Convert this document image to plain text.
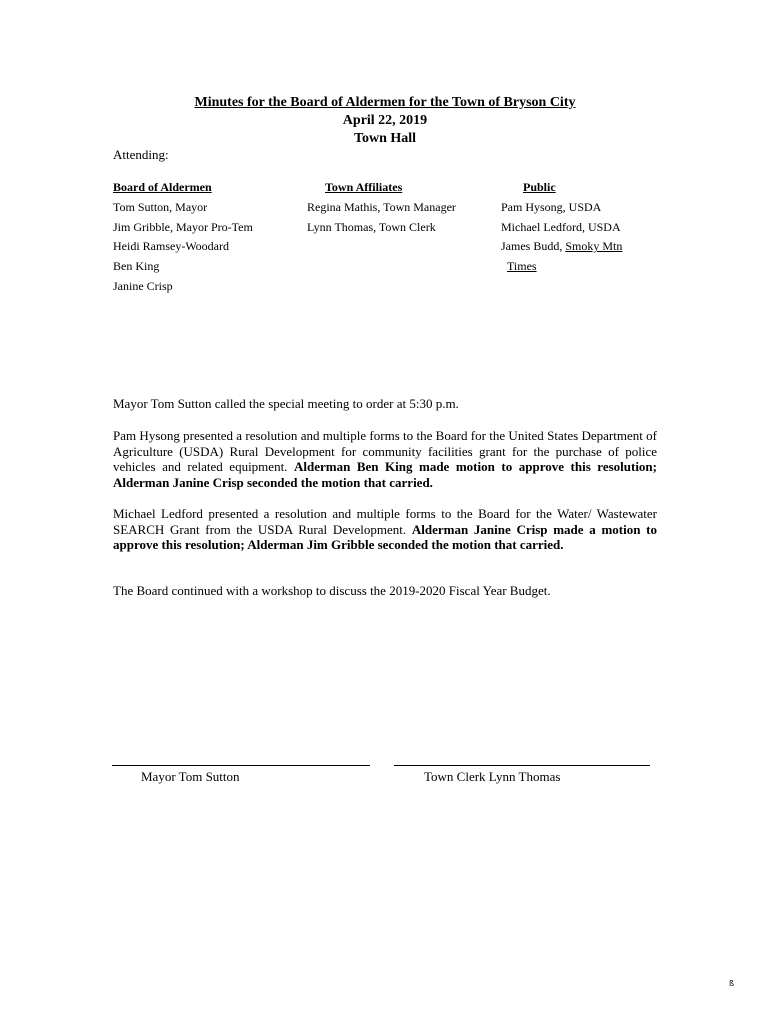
Minutes for the Board of Aldermen for the Town of Bryson City
April 22, 2019
Town Hall
Attending:
Board of Aldermen
Tom Sutton, Mayor
Jim Gribble, Mayor Pro-Tem
Heidi Ramsey-Woodard
Ben King
Janine Crisp
Town Affiliates
Regina Mathis, Town Manager
Lynn Thomas, Town Clerk
Public
Pam Hysong, USDA
Michael Ledford, USDA
James Budd, Smoky Mtn
Times
Mayor Tom Sutton called the special meeting to order at 5:30 p.m.
Pam Hysong presented a resolution and multiple forms to the Board for the United States Department of Agriculture (USDA) Rural Development for community facilities grant for the purchase of police vehicles and related equipment. Alderman Ben King made motion to approve this resolution; Alderman Janine Crisp seconded the motion that carried.
Michael Ledford presented a resolution and multiple forms to the Board for the Water/ Wastewater SEARCH Grant from the USDA Rural Development. Alderman Janine Crisp made a motion to approve this resolution; Alderman Jim Gribble seconded the motion that carried.
The Board continued with a workshop to discuss the 2019-2020 Fiscal Year Budget.
Mayor Tom Sutton	Town Clerk Lynn Thomas
ß
